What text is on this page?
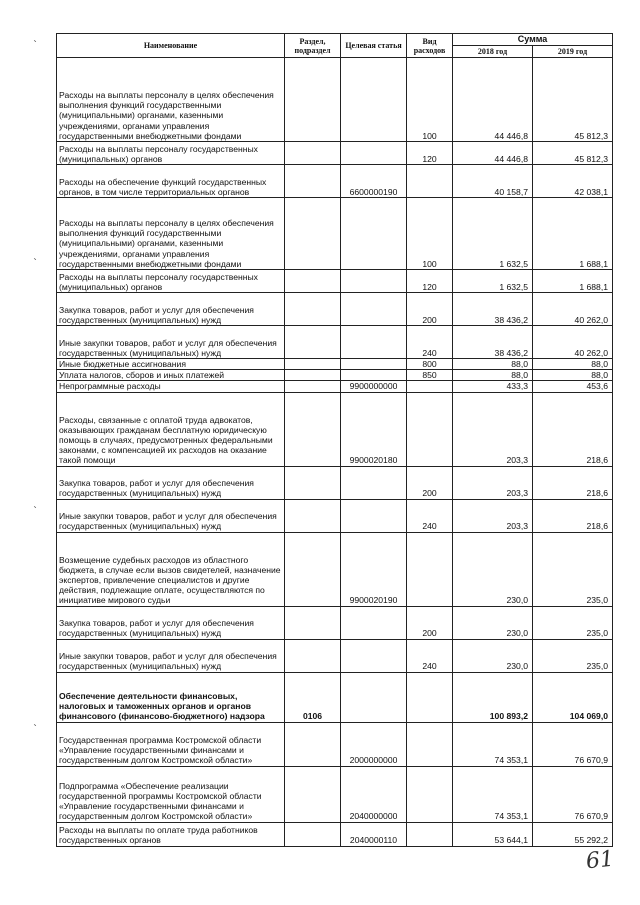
Наименование	Раздел, подраздел	Целевая статья	Вид расходов	Сумма	
				2018 год	2019 год
Расходы на выплаты персоналу в целях обеспечения выполнения функций государственными (муниципальными) органами, казенными учреждениями, органами управления государственными внебюджетными фондами			100	44 446,8	45 812,3
Расходы на выплаты персоналу государственных (муниципальных) органов			120	44 446,8	45 812,3
Расходы на обеспечение функций государственных органов, в том числе территориальных органов		6600000190		40 158,7	42 038,1
Расходы на выплаты персоналу в целях обеспечения выполнения функций государственными (муниципальными) органами, казенными учреждениями, органами управления государственными внебюджетными фондами			100	1 632,5	1 688,1
Расходы на выплаты персоналу государственных (муниципальных) органов			120	1 632,5	1 688,1
Закупка товаров, работ и услуг для обеспечения государственных (муниципальных) нужд			200	38 436,2	40 262,0
Иные закупки товаров, работ и услуг для обеспечения государственных (муниципальных) нужд			240	38 436,2	40 262,0
Иные бюджетные ассигнования			800	88,0	88,0
Уплата налогов, сборов и иных платежей			850	88,0	88,0
Непрограммные расходы		9900000000		433,3	453,6
Расходы, связанные с оплатой труда адвокатов, оказывающих гражданам бесплатную юридическую помощь в случаях, предусмотренных федеральными законами, с компенсацией их расходов на оказание такой помощи		9900020180		203,3	218,6
Закупка товаров, работ и услуг для обеспечения государственных (муниципальных) нужд			200	203,3	218,6
Иные закупки товаров, работ и услуг для обеспечения государственных (муниципальных) нужд			240	203,3	218,6
Возмещение судебных расходов из областного бюджета, в случае если вызов свидетелей, назначение экспертов, привлечение специалистов и другие действия, подлежащие оплате, осуществляются по инициативе мирового судьи		9900020190		230,0	235,0
Закупка товаров, работ и услуг для обеспечения государственных (муниципальных) нужд			200	230,0	235,0
Иные закупки товаров, работ и услуг для обеспечения государственных (муниципальных) нужд			240	230,0	235,0
Обеспечение деятельности финансовых, налоговых и таможенных органов и органов финансового (финансово-бюджетного) надзора	0106			100 893,2	104 069,0
Государственная программа Костромской области «Управление государственными финансами и государственным долгом Костромской области»		2000000000		74 353,1	76 670,9
Подпрограмма «Обеспечение реализации государственной программы Костромской области «Управление государственными финансами и государственным долгом Костромской области»		2040000000		74 353,1	76 670,9
Расходы на выплаты по оплате труда работников государственных органов		2040000110		53 644,1	55 292,2
`
`
`
`
61
